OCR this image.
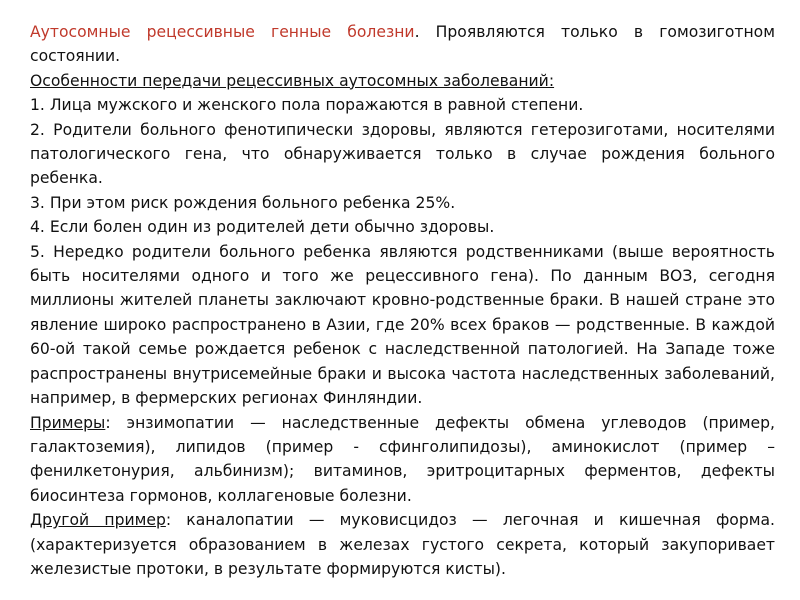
Аутосомные рецессивные генные болезни. Проявляются только в гомозиготном состоянии.

Особенности передачи рецессивных аутосомных заболеваний:

1. Лица мужского и женского пола поражаются в равной степени.

2. Родители больного фенотипически здоровы, являются гетерозиготами, носителями патологического гена, что обнаруживается только в случае рождения больного ребенка.

3. При этом риск рождения больного ребенка 25%.

4. Если болен один из родителей дети обычно здоровы.

5. Нередко родители больного ребенка являются родственниками (выше вероятность быть носителями одного и того же рецессивного гена). По данным ВОЗ, сегодня миллионы жителей планеты заключают кровно-родственные браки. В нашей стране это явление широко распространено в Азии, где 20% всех браков — родственные. В каждой 60-ой такой семье рождается ребенок с наследственной патологией. На Западе тоже распространены внутрисемейные браки и высока частота наследственных заболеваний, например, в фермерских регионах Финляндии.

Примеры: энзимопатии — наследственные дефекты обмена углеводов (пример, галактоземия), липидов (пример - сфинголипидозы), аминокислот (пример – фенилкетонурия, альбинизм); витаминов, эритроцитарных ферментов, дефекты биосинтеза гормонов, коллагеновые болезни.

Другой пример: каналопатии — муковисцидоз — легочная и кишечная форма. (характеризуется образованием в железах густого секрета, который закупоривает железистые протоки, в результате формируются кисты).
